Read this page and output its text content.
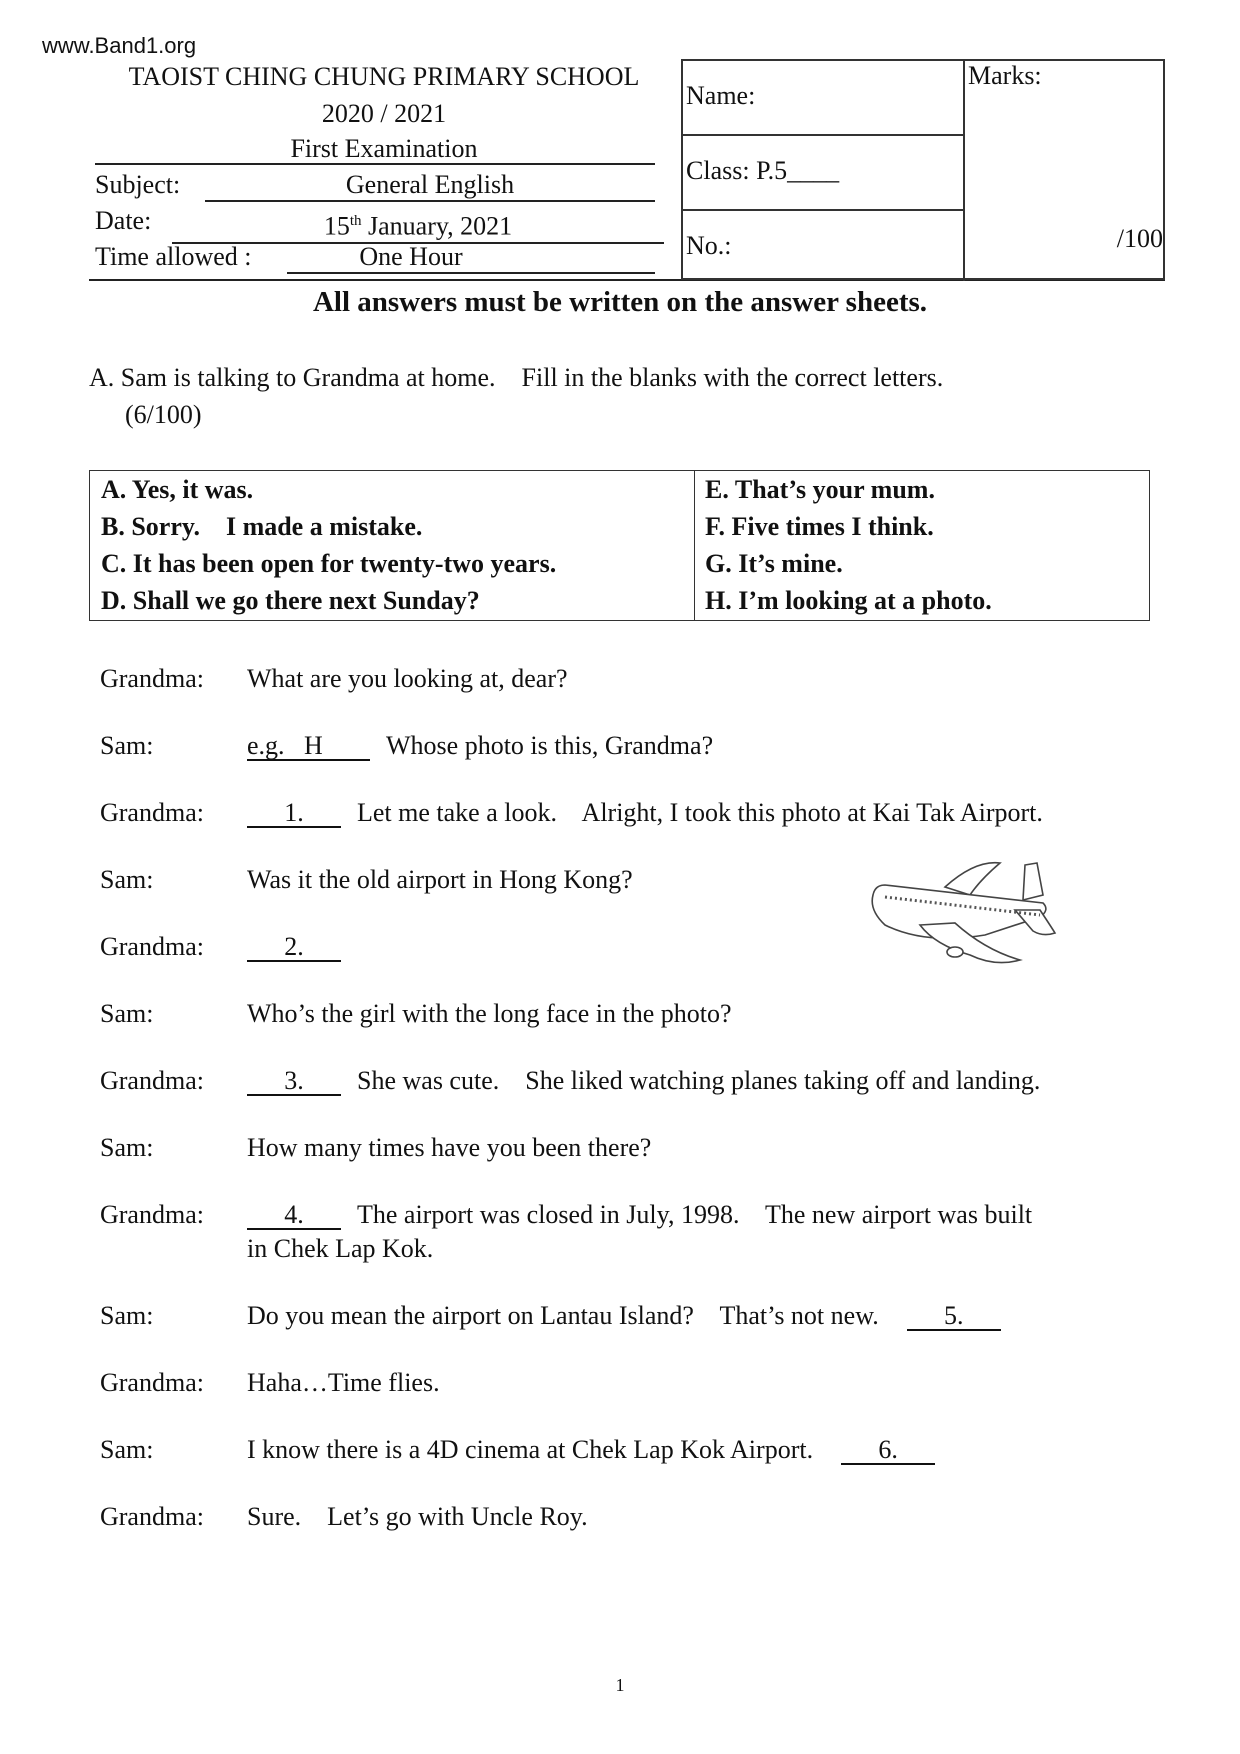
www.Band1.org
TAOIST CHING CHUNG PRIMARY SCHOOL
2020 / 2021
First Examination
Subject:	General English
Date:	15th January, 2021
Time allowed :	One Hour
Name:
Class: P.5____
No.:
Marks:
/100
All answers must be written on the answer sheets.
A. Sam is talking to Grandma at home.    Fill in the blanks with the correct letters.
(6/100)
A. Yes, it was.
B. Sorry.    I made a mistake.
C. It has been open for twenty-two years.
D. Shall we go there next Sunday?
E. That’s your mum.
F. Five times I think.
G. It’s mine.
H. I’m looking at a photo.
Grandma: What are you looking at, dear?
Sam:	e.g.   H Whose photo is this, Grandma?
Grandma:	1. Let me take a look.    Alright, I took this photo at Kai Tak Airport.
Sam:	Was it the old airport in Hong Kong?
Grandma:	2.
Sam:	Who’s the girl with the long face in the photo?
Grandma:	3. She was cute.    She liked watching planes taking off and landing.
Sam:	How many times have you been there?
Grandma:	4. The airport was closed in July, 1998.    The new airport was built
in Chek Lap Kok.
Sam:	Do you mean the airport on Lantau Island?    That’s not new.	5.
Grandma: Haha…Time flies.
Sam:	I know there is a 4D cinema at Chek Lap Kok Airport.	6.
Grandma: Sure.    Let’s go with Uncle Roy.
1
